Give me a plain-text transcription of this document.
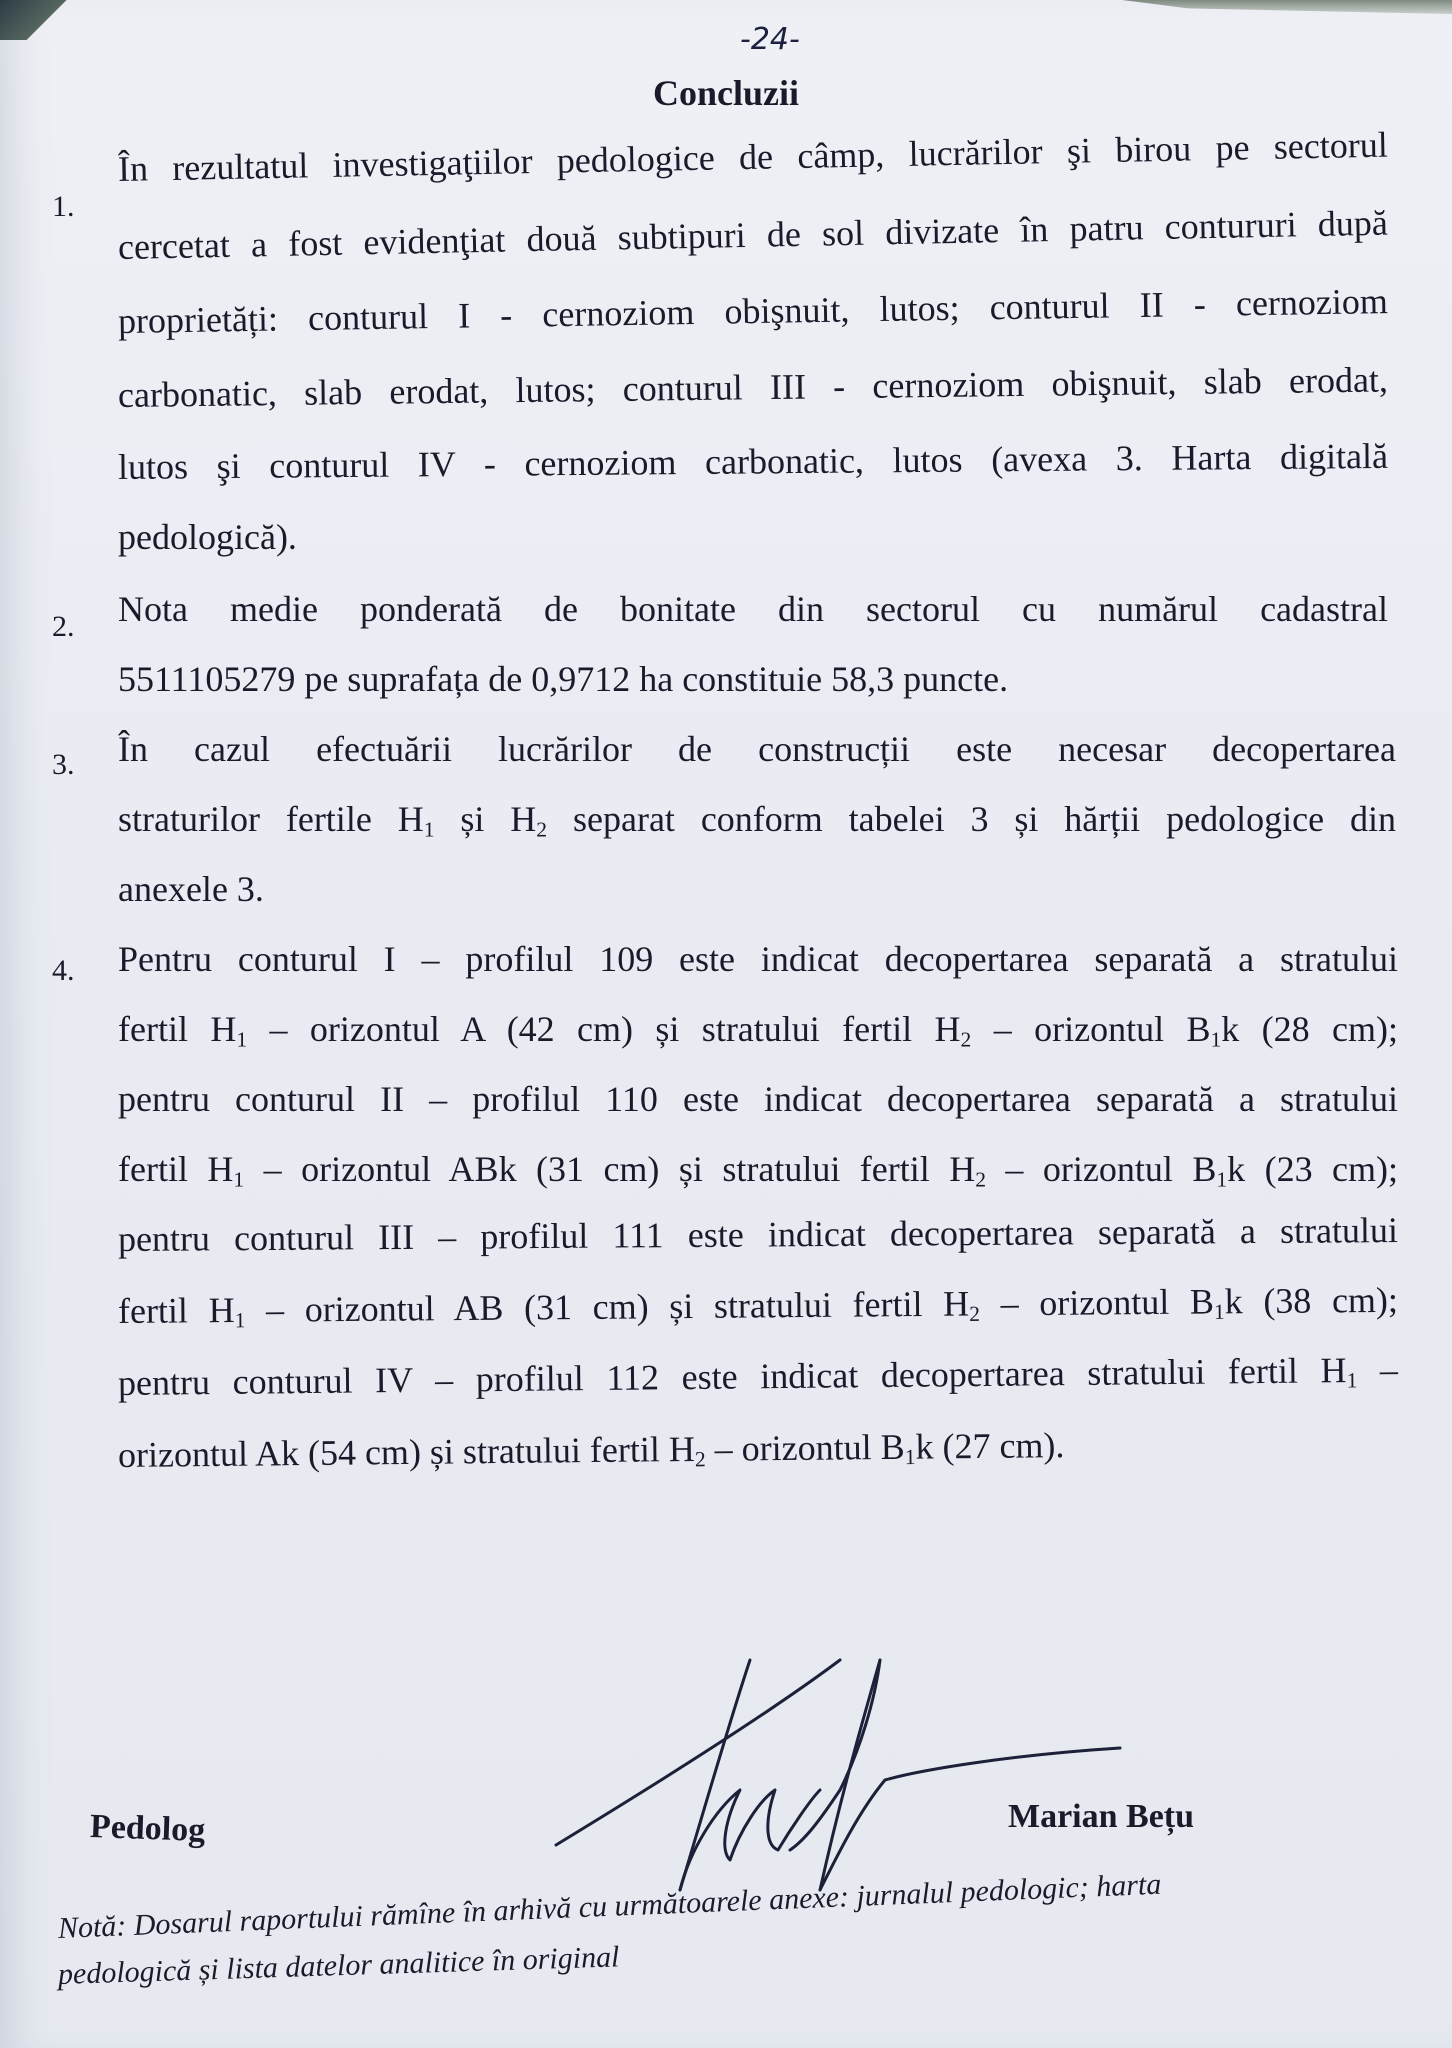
-24-
Concluzii
1.
În rezultatul investigaţiilor pedologice de câmp, lucrărilor şi birou pe sectorul
cercetat a fost evidenţiat două subtipuri de sol divizate în patru contururi după
proprietăți: conturul I - cernoziom obişnuit, lutos; conturul II - cernoziom
carbonatic, slab erodat, lutos; conturul III - cernoziom obişnuit, slab erodat,
lutos şi conturul IV - cernoziom carbonatic, lutos (avexa 3. Harta digitală
pedologică).
2. Nota medie ponderată de bonitate din sectorul cu numărul cadastral
5511105279 pe suprafața de 0,9712 ha constituie 58,3 puncte.
3. În cazul efectuării lucrărilor de construcții este necesar decopertarea
straturilor fertile $H_1$ și $H_2$ separat conform tabelei 3 și hărții pedologice din
anexele 3.
4. Pentru conturul I – profilul 109 este indicat decopertarea separată a stratului
fertil $H_1$ – orizontul A (42 cm) și stratului fertil $H_2$ – orizontul $B_1k$ (28 cm);
pentru conturul II – profilul 110 este indicat decopertarea separată a stratului
fertil $H_1$ – orizontul ABk (31 cm) și stratului fertil $H_2$ – orizontul $B_1k$ (23 cm);
pentru conturul III – profilul 111 este indicat decopertarea separată a stratului
fertil $H_1$ – orizontul AB (31 cm) și stratului fertil $H_2$ – orizontul $B_1k$ (38 cm);
pentru conturul IV – profilul 112 este indicat decopertarea stratului fertil $H_1$ –
orizontul Ak (54 cm) și stratului fertil $H_2$ – orizontul $B_1k$ (27 cm).
Pedolog	Marian Bețu
Notă: Dosarul raportului rămîne în arhivă cu următoarele anexe: jurnalul pedologic; harta
pedologică și lista datelor analitice în original
